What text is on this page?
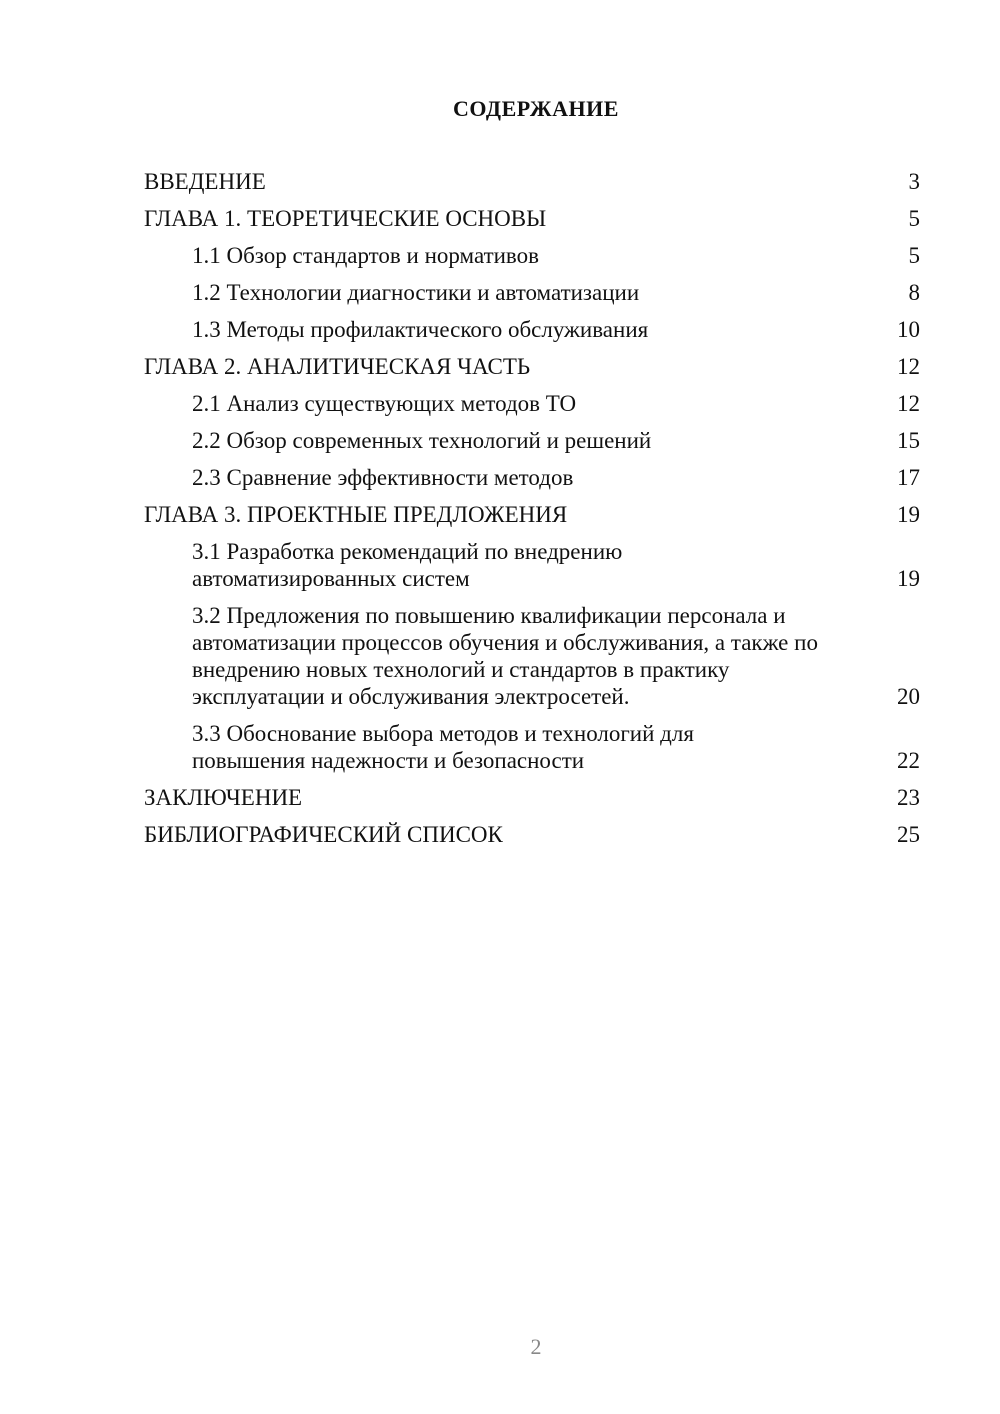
СОДЕРЖАНИЕ
ВВЕДЕНИЕ	3
ГЛАВА 1. ТЕОРЕТИЧЕСКИЕ ОСНОВЫ	5
1.1 Обзор стандартов и нормативов	5
1.2 Технологии диагностики и автоматизации	8
1.3 Методы профилактического обслуживания	10
ГЛАВА 2. АНАЛИТИЧЕСКАЯ ЧАСТЬ	12
2.1 Анализ существующих методов ТО	12
2.2 Обзор современных технологий и решений	15
2.3 Сравнение эффективности методов	17
ГЛАВА 3. ПРОЕКТНЫЕ ПРЕДЛОЖЕНИЯ	19
3.1 Разработка рекомендаций по внедрению автоматизированных систем	19
3.2 Предложения по повышению квалификации персонала и автоматизации процессов обучения и обслуживания, а также по внедрению новых технологий и стандартов в практику эксплуатации и обслуживания электросетей.	20
3.3 Обоснование выбора методов и технологий для повышения надежности и безопасности	22
ЗАКЛЮЧЕНИЕ	23
БИБЛИОГРАФИЧЕСКИЙ СПИСОК	25
2
